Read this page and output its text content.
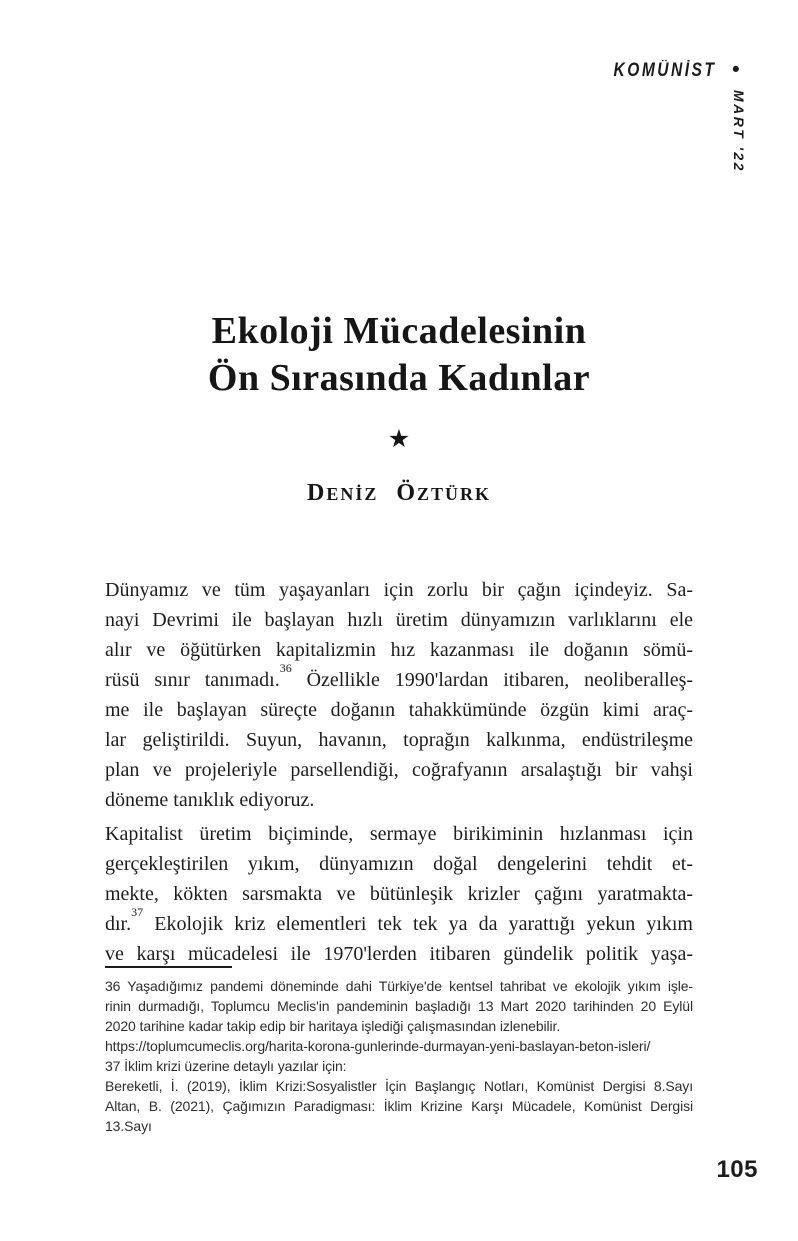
KOMÜNİST •
MART '22
Ekoloji Mücadelesinin
Ön Sırasında Kadınlar
★
DENİZ ÖZTÜRK

Dünyamız ve tüm yaşayanları için zorlu bir çağın içindeyiz. Sa-
nayi Devrimi ile başlayan hızlı üretim dünyamızın varlıklarını ele
alır ve öğütürken kapitalizmin hız kazanması ile doğanın sömü-
rüsü sınır tanımadı.$^{36}$ Özellikle 1990'lardan itibaren, neoliberalleş-
me ile başlayan süreçte doğanın tahakkümünde özgün kimi araç-
lar geliştirildi. Suyun, havanın, toprağın kalkınma, endüstrileşme
plan ve projeleriyle parsellendiği, coğrafyanın arsalaştığı bir vahşi
döneme tanıklık ediyoruz.

Kapitalist üretim biçiminde, sermaye birikiminin hızlanması için
gerçekleştirilen yıkım, dünyamızın doğal dengelerini tehdit et-
mekte, kökten sarsmakta ve bütünleşik krizler çağını yaratmakta-
dır.$^{37}$ Ekolojik kriz elementleri tek tek ya da yarattığı yekun yıkım
ve karşı mücadelesi ile 1970'lerden itibaren gündelik politik yaşa-

36 Yaşadığımız pandemi döneminde dahi Türkiye'de kentsel tahribat ve ekolojik yıkım işle-
rinin durmadığı, Toplumcu Meclis'in pandeminin başladığı 13 Mart 2020 tarihinden 20 Eylül
2020 tarihine kadar takip edip bir haritaya işlediği çalışmasından izlenebilir.
https://toplumcumeclis.org/harita-korona-gunlerinde-durmayan-yeni-baslayan-beton-isleri/
37 İklim krizi üzerine detaylı yazılar için:
Bereketli, İ. (2019), İklim Krizi:Sosyalistler İçin Başlangıç Notları, Komünist Dergisi 8.Sayı
Altan, B. (2021), Çağımızın Paradigması: İklim Krizine Karşı Mücadele, Komünist Dergisi
13.Sayı
105
